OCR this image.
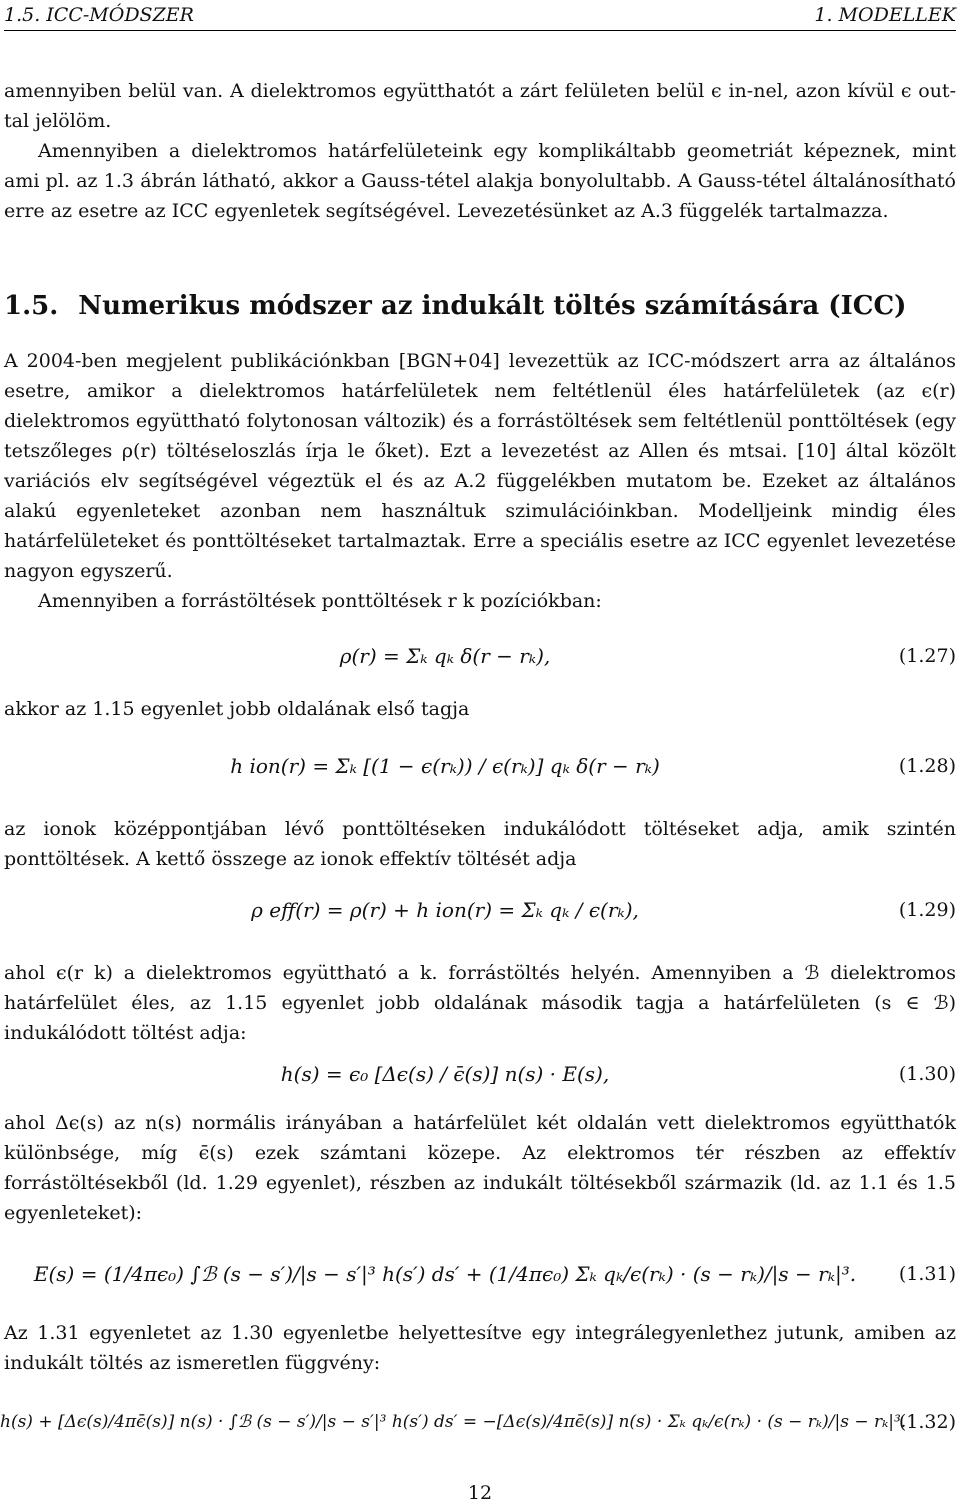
1.5. ICC-MÓDSZER	1. MODELLEK

amennyiben belül van. A dielektromos együtthatót a zárt felületen belül ϵ in-nel, azon kívül ϵ out-tal jelölöm.

Amennyiben a dielektromos határfelületeink egy komplikáltabb geometriát képeznek, mint ami pl. az 1.3 ábrán látható, akkor a Gauss-tétel alakja bonyolultabb. A Gauss-tétel általánosítható erre az esetre az ICC egyenletek segítségével. Levezetésünket az A.3 függelék tartalmazza.

1.5. Numerikus módszer az indukált töltés számítására (ICC)

A 2004-ben megjelent publikációnkban [BGN+04] levezettük az ICC-módszert arra az általános esetre, amikor a dielektromos határfelületek nem feltétlenül éles határfelületek (az ϵ(r) dielektromos együttható folytonosan változik) és a forrástöltések sem feltétlenül ponttöltések (egy tetszőleges ρ(r) töltéseloszlás írja le őket). Ezt a levezetést az Allen és mtsai. [10] által közölt variációs elv segítségével végeztük el és az A.2 függelékben mutatom be. Ezeket az általános alakú egyenleteket azonban nem használtuk szimulációinkban. Modelljeink mindig éles határfelületeket és ponttöltéseket tartalmaztak. Erre a speciális esetre az ICC egyenlet levezetése nagyon egyszerű.

Amennyiben a forrástöltések ponttöltések r k pozíciókban:

ρ(r) = Σₖ qₖ δ(r − rₖ),	(1.27)

akkor az 1.15 egyenlet jobb oldalának első tagja

h ion(r) = Σₖ [(1 − ϵ(rₖ)) / ϵ(rₖ)] qₖ δ(r − rₖ)	(1.28)

az ionok középpontjában lévő ponttöltéseken indukálódott töltéseket adja, amik szintén ponttöltések. A kettő összege az ionok effektív töltését adja

ρ eff(r) = ρ(r) + h ion(r) = Σₖ qₖ / ϵ(rₖ),	(1.29)

ahol ϵ(r k) a dielektromos együttható a k. forrástöltés helyén. Amennyiben a ℬ dielektromos határfelület éles, az 1.15 egyenlet jobb oldalának második tagja a határfelületen (s ∈ ℬ) indukálódott töltést adja:

h(s) = ϵ₀ [Δϵ(s) / ϵ̄(s)] n(s) · E(s),	(1.30)

ahol Δϵ(s) az n(s) normális irányában a határfelület két oldalán vett dielektromos együtthatók különbsége, míg ϵ̄(s) ezek számtani közepe. Az elektromos tér részben az effektív forrástöltésekből (ld. 1.29 egyenlet), részben az indukált töltésekből származik (ld. az 1.1 és 1.5 egyenleteket):

E(s) = (1/4πϵ₀) ∫ℬ (s − s′)/|s − s′|³ h(s′) ds′ + (1/4πϵ₀) Σₖ qₖ/ϵ(rₖ) · (s − rₖ)/|s − rₖ|³.	(1.31)

Az 1.31 egyenletet az 1.30 egyenletbe helyettesítve egy integrálegyenlethez jutunk, amiben az indukált töltés az ismeretlen függvény:

h(s) + [Δϵ(s)/4πϵ̄(s)] n(s) · ∫ℬ (s − s′)/|s − s′|³ h(s′) ds′ = −[Δϵ(s)/4πϵ̄(s)] n(s) · Σₖ qₖ/ϵ(rₖ) · (s − rₖ)/|s − rₖ|³.
(1.32)
12
